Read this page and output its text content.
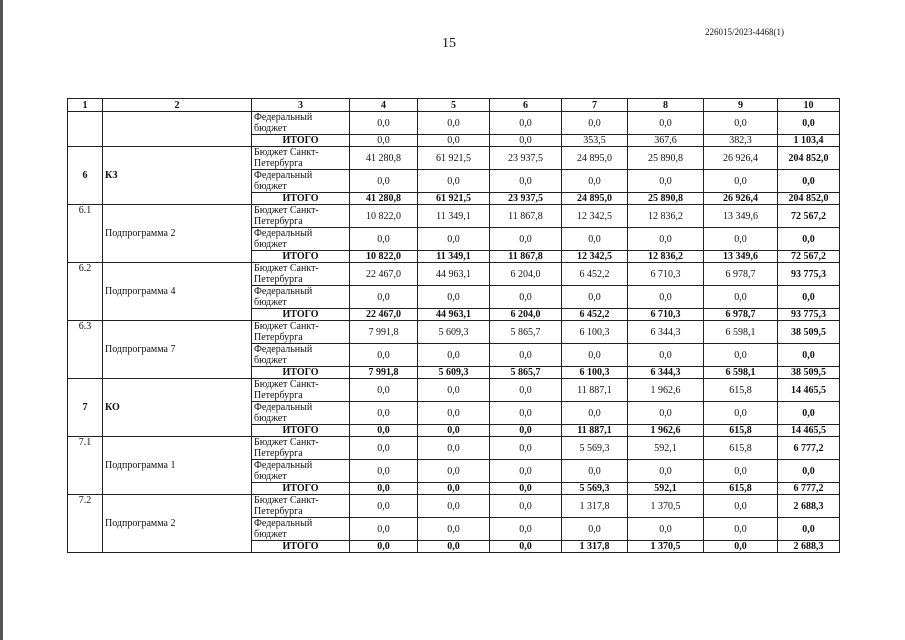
226015/2023-4468(1)
15
1	2	3	4	5	6	7	8	9	10
		Федеральный бюджет	0,0	0,0	0,0	0,0	0,0	0,0	0,0
		ИТОГО	0,0	0,0	0,0	353,5	367,6	382,3	1 103,4
6	КЗ	Бюджет Санкт-Петербурга	41 280,8	61 921,5	23 937,5	24 895,0	25 890,8	26 926,4	204 852,0
		Федеральный бюджет	0,0	0,0	0,0	0,0	0,0	0,0	0,0
		ИТОГО	41 280,8	61 921,5	23 937,5	24 895,0	25 890,8	26 926,4	204 852,0
6.1	Подпрограмма 2	Бюджет Санкт-Петербурга	10 822,0	11 349,1	11 867,8	12 342,5	12 836,2	13 349,6	72 567,2
		Федеральный бюджет	0,0	0,0	0,0	0,0	0,0	0,0	0,0
		ИТОГО	10 822,0	11 349,1	11 867,8	12 342,5	12 836,2	13 349,6	72 567,2
6.2	Подпрограмма 4	Бюджет Санкт-Петербурга	22 467,0	44 963,1	6 204,0	6 452,2	6 710,3	6 978,7	93 775,3
		Федеральный бюджет	0,0	0,0	0,0	0,0	0,0	0,0	0,0
		ИТОГО	22 467,0	44 963,1	6 204,0	6 452,2	6 710,3	6 978,7	93 775,3
6.3	Подпрограмма 7	Бюджет Санкт-Петербурга	7 991,8	5 609,3	5 865,7	6 100,3	6 344,3	6 598,1	38 509,5
		Федеральный бюджет	0,0	0,0	0,0	0,0	0,0	0,0	0,0
		ИТОГО	7 991,8	5 609,3	5 865,7	6 100,3	6 344,3	6 598,1	38 509,5
7	КО	Бюджет Санкт-Петербурга	0,0	0,0	0,0	11 887,1	1 962,6	615,8	14 465,5
		Федеральный бюджет	0,0	0,0	0,0	0,0	0,0	0,0	0,0
		ИТОГО	0,0	0,0	0,0	11 887,1	1 962,6	615,8	14 465,5
7.1	Подпрограмма 1	Бюджет Санкт-Петербурга	0,0	0,0	0,0	5 569,3	592,1	615,8	6 777,2
		Федеральный бюджет	0,0	0,0	0,0	0,0	0,0	0,0	0,0
		ИТОГО	0,0	0,0	0,0	5 569,3	592,1	615,8	6 777,2
7.2	Подпрограмма 2	Бюджет Санкт-Петербурга	0,0	0,0	0,0	1 317,8	1 370,5	0,0	2 688,3
		Федеральный бюджет	0,0	0,0	0,0	0,0	0,0	0,0	0,0
		ИТОГО	0,0	0,0	0,0	1 317,8	1 370,5	0,0	2 688,3
